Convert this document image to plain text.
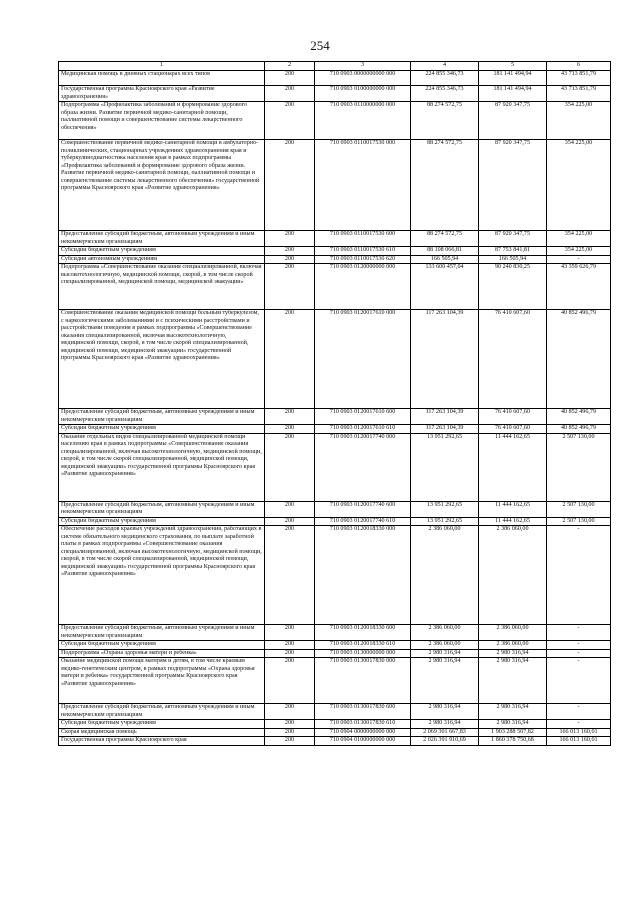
254
1	2	3	4	5	6
Медицинская помощь в дневных стационарах всех типов	200	710 0903 0000000000 000	224 855 346,73	181 141 494,94	43 713 851,79
Государственная программа Красноярского края «Развитие здравоохранения»	200	710 0903 0100000000 000	224 855 346,73	181 141 494,94	43 713 851,79
Подпрограмма «Профилактика заболеваний и формирование здорового образа жизни. Развитие первичной медико-санитарной помощи, паллиативной помощи и совершенствование системы лекарственного обеспечения»	200	710 0903 0110000000 000	88 274 572,75	87 920 347,75	354 225,00
Совершенствование первичной медико-санитарной помощи в амбулаторно-поликлинических, стационарных учреждениях здравоохранения края и туберкулинодиагностика населения края в рамках подпрограммы «Профилактика заболеваний и формирование здорового образа жизни. Развитие первичной медико-санитарной помощи, паллиативной помощи и совершенствование системы лекарственного обеспечения» государственной программы Красноярского края «Развитие здравоохранения»	200	710 0903 0110017530 000	88 274 572,75	87 920 347,75	354 225,00
Предоставление субсидий бюджетным, автономным учреждениям и иным некоммерческим организациям	200	710 0903 0110017530 600	88 274 572,75	87 920 347,75	354 225,00
Субсидии бюджетным учреждениям	200	710 0903 0110017530 610	88 108 066,81	87 753 841,81	354 225,00
Субсидии автономным учреждениям	200	710 0903 0110017530 620	166 505,94	166 505,94	-
Подпрограмма «Совершенствование оказания специализированной, включая высокотехнологичную, медицинской помощи, скорой, в том числе скорой специализированной, медицинской помощи, медицинской эвакуации»	200	710 0903 0120000000 000	133 600 457,04	90 240 830,25	43 359 626,79
Совершенствование оказания медицинской помощи больным туберкулезом, с наркологическими заболеваниями и с психическими расстройствами и расстройствами поведения в рамках подпрограммы «Совершенствование оказания специализированной, включая высокотехнологичную, медицинской помощи, скорой, в том числе скорой специализированной, медицинской помощи, медицинской эвакуации» государственной программы Красноярского края «Развитие здравоохранения»	200	710 0903 0120017610 000	117 263 104,39	76 410 607,60	40 852 496,79
Предоставление субсидий бюджетным, автономным учреждениям и иным некоммерческим организациям	200	710 0903 0120017610 600	117 263 104,39	76 410 607,60	40 852 496,79
Субсидии бюджетным учреждениям	200	710 0903 0120017610 610	117 263 104,39	76 410 607,60	40 852 496,79
Оказание отдельных видов специализированной медицинской помощи населению края в рамках подпрограммы «Совершенствование оказания специализированной, включая высокотехнологичную, медицинской помощи, скорой, в том числе скорой специализированной, медицинской помощи, медицинской эвакуации» государственной программы Красноярского края «Развитие здравоохранения»	200	710 0903 0120017740 000	13 951 292,65	11 444 162,65	2 507 130,00
Предоставление субсидий бюджетным, автономным учреждениям и иным некоммерческим организациям	200	710 0903 0120017740 600	13 951 292,65	11 444 162,65	2 507 130,00
Субсидии бюджетным учреждениям	200	710 0903 0120017740 610	13 951 292,65	11 444 162,65	2 507 130,00
Обеспечение расходов краевых учреждений здравоохранения, работающих в системе обязательного медицинского страхования, по выплате заработной платы в рамках подпрограммы «Совершенствование оказания специализированной, включая высокотехнологичную, медицинской помощи, скорой, в том числе скорой специализированной, медицинской помощи, медицинской эвакуации» государственной программы Красноярского края «Развитие здравоохранения»	200	710 0903 0120018330 000	2 386 060,00	2 386 060,00	-
Предоставление субсидий бюджетным, автономным учреждениям и иным некоммерческим организациям	200	710 0903 0120018330 600	2 386 060,00	2 386 060,00	-
Субсидии бюджетным учреждениям	200	710 0903 0120018330 610	2 386 060,00	2 386 060,00	-
Подпрограмма «Охрана здоровья матери и ребенка»	200	710 0903 0130000000 000	2 980 316,94	2 980 316,94	-
Оказание медицинской помощи матерям и детям, в том числе краевым медико-генетическим центром, в рамках подпрограммы «Охрана здоровья матери и ребенка» государственной программы Красноярского края «Развитие здравоохранения»	200	710 0903 0130017830 000	2 980 316,94	2 980 316,94	-
Предоставление субсидий бюджетным, автономным учреждениям и иным некоммерческим организациям	200	710 0903 0130017830 600	2 980 316,94	2 980 316,94	-
Субсидии бюджетным учреждениям	200	710 0903 0130017830 610	2 980 316,94	2 980 316,94	-
Скорая медицинская помощь	200	710 0904 0000000000 000	2 069 301 667,83	1 903 288 507,82	166 013 160,01
Государственная программа Красноярского края	200	710 0904 0100000000 000	2 026 391 910,69	1 860 378 750,68	166 013 160,01
